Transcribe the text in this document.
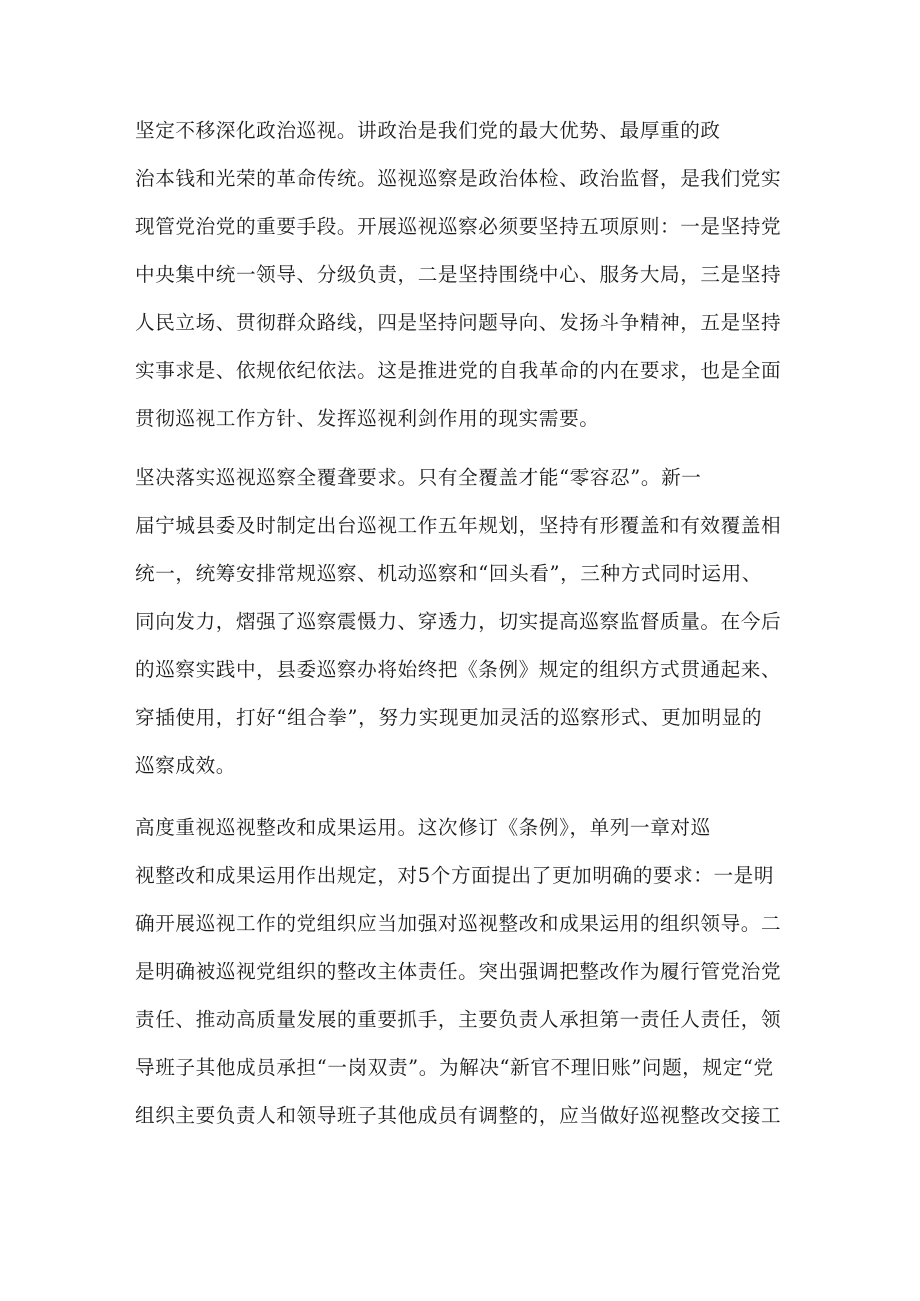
坚定不移深化政治巡视。讲政治是我们党的最大优势、最厚重的政
治本钱和光荣的革命传统。巡视巡察是政治体检、政治监督，是我们党实
现管党治党的重要手段。开展巡视巡察必须要坚持五项原则：一是坚持党
中央集中统一领导、分级负责，二是坚持围绕中心、服务大局，三是坚持
人民立场、贯彻群众路线，四是坚持问题导向、发扬斗争精神，五是坚持
实事求是、依规依纪依法。这是推进党的自我革命的内在要求，也是全面
贯彻巡视工作方针、发挥巡视利剑作用的现实需要。
坚决落实巡视巡察全覆聋要求。只有全覆盖才能“零容忍”。新一
届宁城县委及时制定出台巡视工作五年规划，坚持有形覆盖和有效覆盖相
统一，统筹安排常规巡察、机动巡察和“回头看”，三种方式同时运用、
同向发力，熠强了巡察震慑力、穿透力，切实提高巡察监督质量。在今后
的巡察实践中，县委巡察办将始终把《条例》规定的组织方式贯通起来、
穿插使用，打好“组合拳”，努力实现更加灵活的巡察形式、更加明显的
巡察成效。
高度重视巡视整改和成果运用。这次修订《条例》，单列一章对巡
视整改和成果运用作出规定，对5个方面提出了更加明确的要求：一是明
确开展巡视工作的党组织应当加强对巡视整改和成果运用的组织领导。二
是明确被巡视党组织的整改主体责任。突出强调把整改作为履行管党治党
责任、推动高质量发展的重要抓手，主要负责人承担第一责任人责任，领
导班子其他成员承担“一岗双责”。为解决“新官不理旧账”问题，规定“党
组织主要负责人和领导班子其他成员有调整的，应当做好巡视整改交接工
